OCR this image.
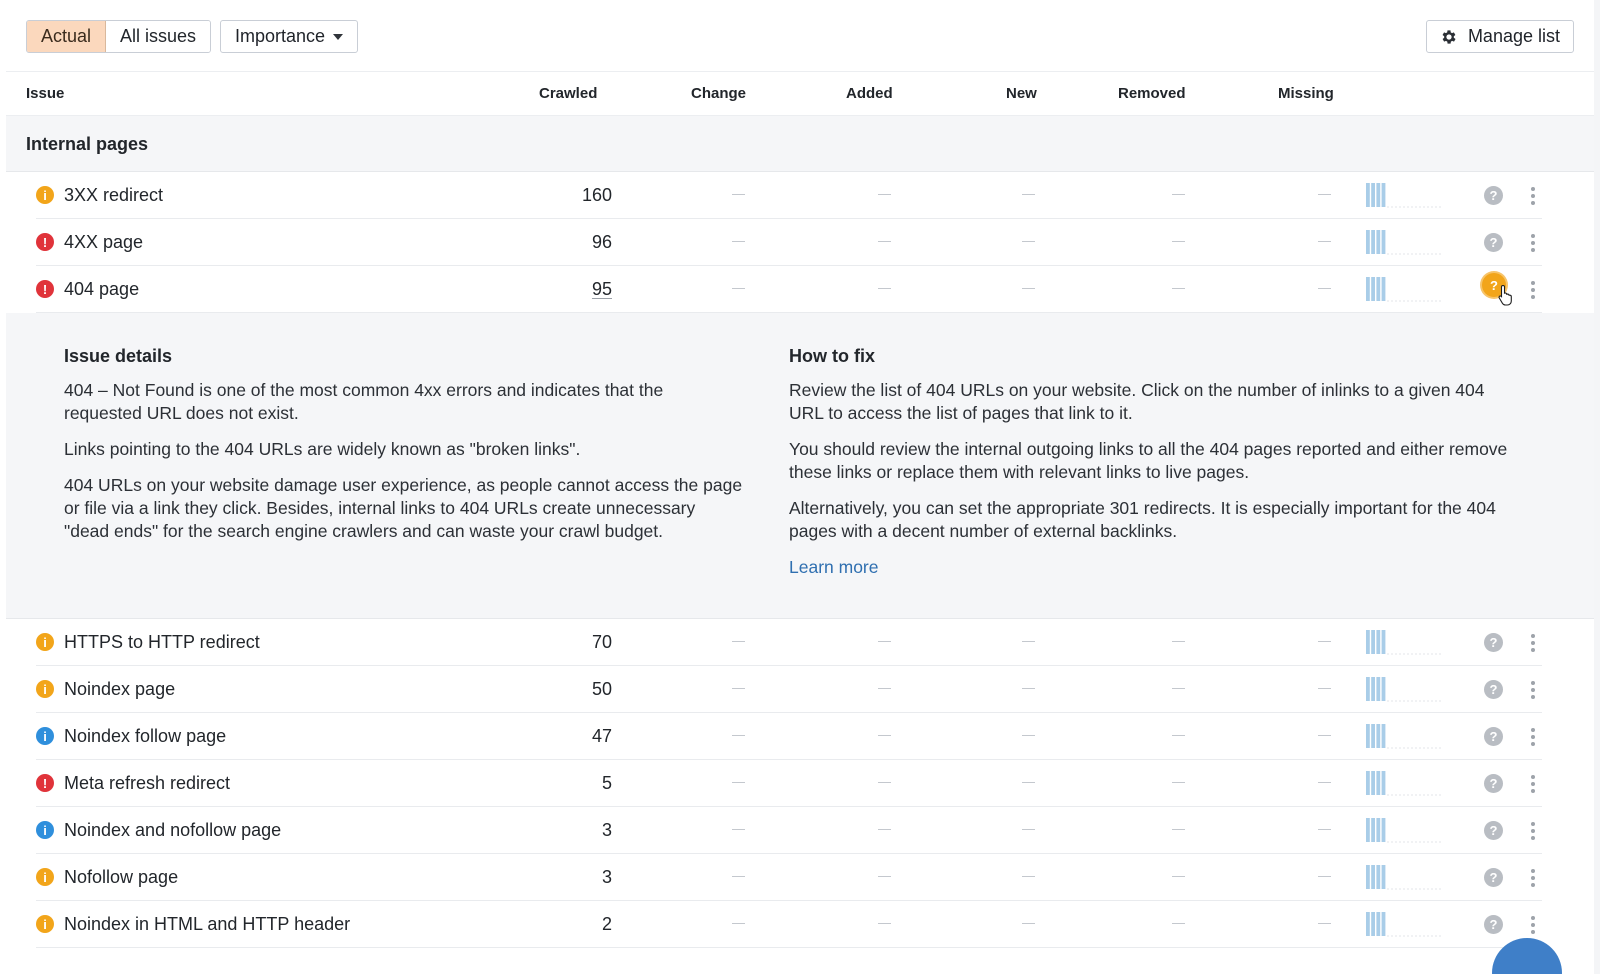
Actual	All issues	Importance	Manage list
Issue	Crawled	Change	Added	New	Removed	Missing
Internal pages
i 3XX redirect	160	?
! 4XX page	96	?
! 404 page	95	?
Issue details

404 – Not Found is one of the most common 4xx errors and indicates that the requested URL does not exist.

Links pointing to the 404 URLs are widely known as "broken links".

404 URLs on your website damage user experience, as people cannot access the page or file via a link they click. Besides, internal links to 404 URLs create unnecessary "dead ends" for the search engine crawlers and can waste your crawl budget.

How to fix

Review the list of 404 URLs on your website. Click on the number of inlinks to a given 404 URL to access the list of pages that link to it.

You should review the internal outgoing links to all the 404 pages reported and either remove these links or replace them with relevant links to live pages.

Alternatively, you can set the appropriate 301 redirects. It is especially important for the 404 pages with a decent number of external backlinks.

Learn more

i HTTPS to HTTP redirect	70	?
i Noindex page	50	?
i Noindex follow page	47	?
! Meta refresh redirect	5	?
i Noindex and nofollow page	3	?
i Nofollow page	3	?
i Noindex in HTML and HTTP header	2	?
